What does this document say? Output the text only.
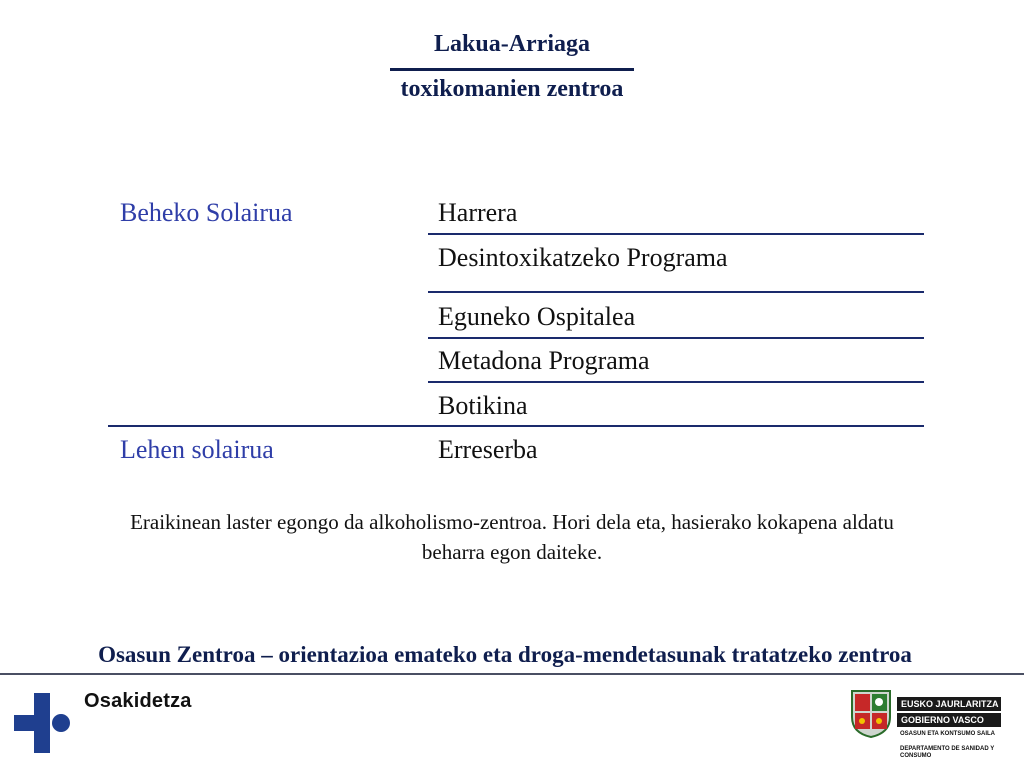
Lakua-Arriaga
toxikomanien zentroa
Beheko Solairua
Lehen solairua
Harrera
Desintoxikatzeko Programa
Eguneko Ospitalea
Metadona Programa
Botikina
Erreserba
Eraikinean laster egongo da alkoholismo-zentroa. Hori dela eta, hasierako kokapena aldatu beharra egon daiteke.
Osasun Zentroa – orientazioa emateko eta droga-mendetasunak tratatzeko zentroa
Osakidetza	EUSKO JAURLARITZA
GOBIERNO VASCO
OSASUN ETA KONTSUMO SAILA
DEPARTAMENTO DE SANIDAD Y CONSUMO
